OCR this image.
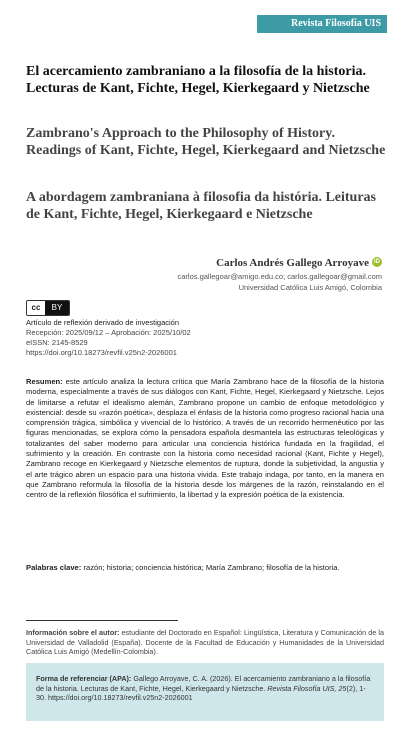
Revista Filosofía UIS
El acercamiento zambraniano a la filosofía de la historia. Lecturas de Kant, Fichte, Hegel, Kierkegaard y Nietzsche
Zambrano's Approach to the Philosophy of History. Readings of Kant, Fichte, Hegel, Kierkegaard and Nietzsche
A abordagem zambraniana à filosofia da história. Leituras de Kant, Fichte, Hegel, Kierkegaard e Nietzsche
Carlos Andrés Gallego Arroyave iD
carlos.gallegoar@amigo.edu.co; carlos.gallegoar@gmail.com
Universidad Católica Luis Amigó, Colombia
cc	BY
Artículo de reflexión derivado de investigación
Recepción: 2025/09/12 – Aprobación: 2025/10/02
eISSN: 2145-8529
https://doi.org/10.18273/revfil.v25n2-2026001
Resumen: este artículo analiza la lectura crítica que María Zambrano hace de la filosofía de la historia moderna, especialmente a través de sus diálogos con Kant, Fichte, Hegel, Kierkegaard y Nietzsche. Lejos de limitarse a refutar el idealismo alemán, Zambrano propone un cambio de enfoque metodológico y existencial: desde su «razón poética», desplaza el énfasis de la historia como progreso racional hacia una comprensión trágica, simbólica y vivencial de lo histórico. A través de un recorrido hermenéutico por las figuras mencionadas, se explora cómo la pensadora española desmantela las estructuras teleológicas y totalizantes del saber moderno para articular una conciencia histórica fundada en la fragilidad, el sufrimiento y la creación. En contraste con la historia como necesidad racional (Kant, Fichte y Hegel), Zambrano recoge en Kierkegaard y Nietzsche elementos de ruptura, donde la subjetividad, la angustia y el arte trágico abren un espacio para una historia vivida. Este trabajo indaga, por tanto, en la manera en que Zambrano reformula la filosofía de la historia desde los márgenes de la razón, reinstalando en el centro de la reflexión filosófica el sufrimiento, la libertad y la expresión poética de la existencia.
Palabras clave: razón; historia; conciencia histórica; María Zambrano; filosofía de la historia.
Información sobre el autor: estudiante del Doctorado en Español: Lingüística, Literatura y Comunicación de la Universidad de Valladolid (España). Docente de la Facultad de Educación y Humanidades de la Universidad Católica Luis Amigó (Medellín-Colombia).
Forma de referenciar (APA): Gallego Arroyave, C. A. (2026). El acercamiento zambraniano a la filosofía de la historia. Lecturas de Kant, Fichte, Hegel, Kierkegaard y Nietzsche. Revista Filosofía UIS, 25(2), 1-30. https://doi.org/10.18273/revfil.v25n2-2026001
